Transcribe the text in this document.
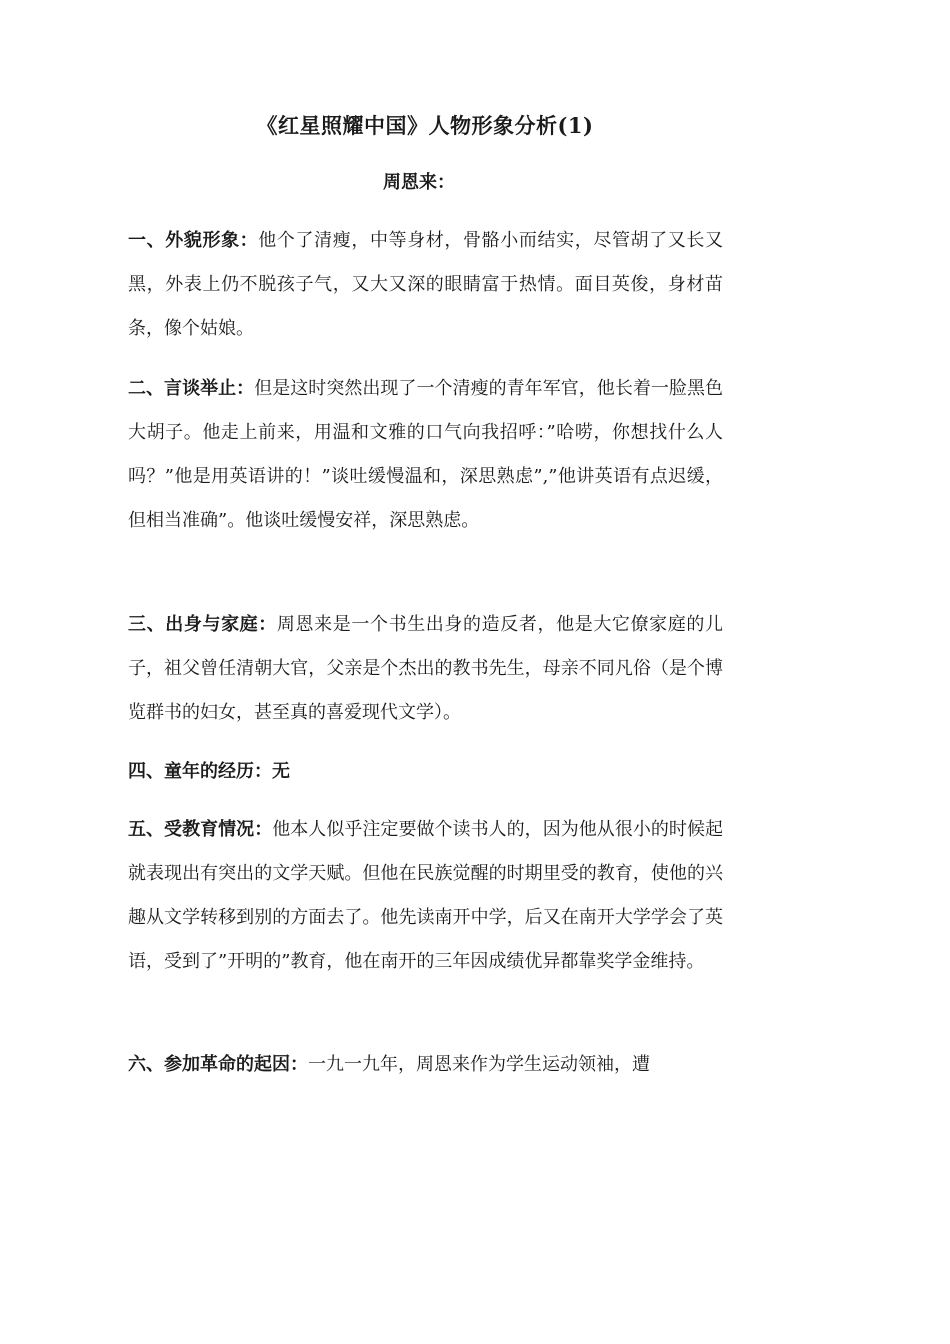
《红星照耀中国》人物形象分析(1)
周恩来：
一、外貌形象：他个了清瘦，中等身材，骨骼小而结实，尽管胡了又长又黑，外表上仍不脱孩子气，又大又深的眼睛富于热情。面目英俊，身材苗条，像个姑娘。
二、言谈举止：但是这时突然出现了一个清瘦的青年军官，他长着一脸黑色大胡子。他走上前来，用温和文雅的口气向我招呼：”哈唠，你想找什么人吗？”他是用英语讲的！”谈吐缓慢温和，深思熟虑”,”他讲英语有点迟缓，但相当准确”。他谈吐缓慢安祥，深思熟虑。
三、出身与家庭：周恩来是一个书生出身的造反者，他是大它僚家庭的儿子，祖父曾任清朝大官，父亲是个杰出的教书先生，母亲不同凡俗（是个博览群书的妇女，甚至真的喜爱现代文学）。
四、童年的经历：无
五、受教育情况：他本人似乎注定要做个读书人的，因为他从很小的时候起就表现出有突出的文学天赋。但他在民族觉醒的时期里受的教育，使他的兴趣从文学转移到别的方面去了。他先读南开中学，后又在南开大学学会了英语，受到了”开明的”教育，他在南开的三年因成绩优异都靠奖学金维持。
六、参加革命的起因：一九一九年，周恩来作为学生运动领袖，遭
